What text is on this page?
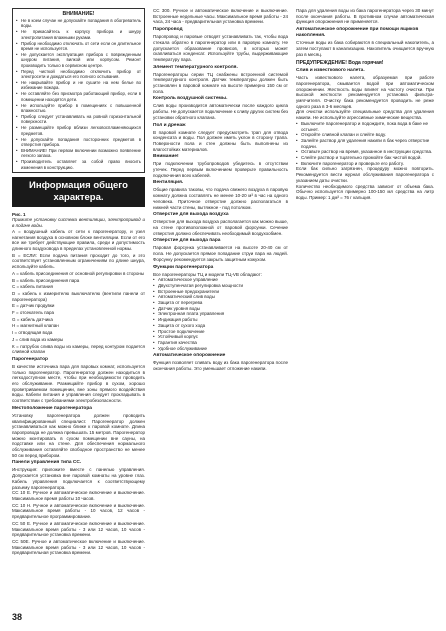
ВНИМАНИЕ!
• Не в коем случае не допускайте попадания в обогреватель воды.
• Не прикасайтесь к корпусу прибора и шнуру электропитания влажными руками.
• Прибор необходимо отключать от сети если он длительное время не используется.
• Не допускается эксплуатация прибора с поврежденным шнуром питания, вилкой или корпусом. Ремонт производить только в сервисном центре.
• Перед чисткой необходимо отключить прибор от электросети и дождаться его полного остывания.
• Не накрывайте прибор и не сушите на нем белье во избежание пожара.
• Не оставляйте без присмотра работающий прибор, если в помещении находятся дети.
• Не используйте прибор в помещениях с повышенной влажностью.
• Прибор следует устанавливать на ровной горизонтальной поверхности.
• Не размещайте прибор вблизи легковоспламеняющихся предметов.
• Не допускайте попадания посторонних предметов в отверстия прибора.
• ВНИМАНИЕ! При первом включении возможно появление легкого запаха.
• Производитель оставляет за собой право вносить изменения в конструкцию.
Информация общего характера.
Рис. 1
Примите установку система вентиляции, электропривод и в подаче воды.

А = воздушный кабель от сети к парогенератору, и узел нагнетания воздуха в основном блоке вентиляции. Если от его все же требует действующие правила, среди и допустимость длинного воздуховода в пределах установленной нормы.

В = ЕСЛИ: Если подача питания проходит до того, и это соответствует установленным ограничениям по длине шнура, используйте кабель.

А = кабель присоединения от основной регулировки в стороны

В = кабель присоединения пара

С = кабель питания

D = кабель к измерителю выключателю (вентили панели от парогенератора)

Е = датчик продувки

F = отсекатель пара

G = кабель датчика

Н = магнитный клапан

I = отводящая вода

J = слив вода из камеры

К = патрубок слива воды из камеры, перед контуром подается сливной клапан

Парогенератор
В качестве источника пара для паровых комнат, используется только парогенератор. Парогенератор должен находиться в легкодоступном месте, чтобы при необходимости проводить его обслуживание. Размещайте прибор в сухом, хорошо проветриваемом помещении, вне зоны прямого воздействия воды. Кабели питания и управления следует прокладывать в соответствии с требованиями электробезопасности.
Местоположение парогенератора
Установку парогенератора должен проводить квалифицированный специалист. Парогенератор должен устанавливаться как можно ближе к паровой комнате. Длина паропровода не должна превышать 15 метров. Парогенератор можно монтировать в сухом помещении вне сауны, на подставке или на стене. Для обеспечения нормального обслуживания оставляйте свободное пространство не менее 50 см перед прибором.
Панели управления типа СС.
Инструкция: приложите вместе с панелью управления. Допускается установка вне паровой комнаты на уровне глаз. Кабель управления подключается к соответствующему разъему парогенератора.

СС 10 Е. Ручное и автоматическое включение и выключение. Максимальное время работы 10 часов.

СС 10 Н. Ручное и автоматическое включение и выключение. Максимальное время работы - 10 часов, 12 часов - предварительное программирование.

СС 50 Е. Ручное и автоматическое включение и выключение. Максимальное время работы - 3 или 12 часов, 10 часов - предварительное установка времени.

СС 50Е. Ручное и автоматическое включение и выключение. Максимальное время работы - 3 или 12 часов, 10 часов - предварительная установка времени.

СС 300. Ручное и автоматическое включение и выключение. Встроенные недельные часы. Максимальное время работы - 24 часа, 24 часа - предварительная установка времени.
Паропровод
Паропровод и паровые отводят устанавливать так, чтобы вода стекала обратно в парогенератор или в паровую комнату. Не допускается образование провисов, в которых может скапливаться конденсат. Используйте трубы, выдерживающие температуру пара.
Элемент температурного контроля.
Парогенераторы серии ТЦ снабжены встроенной системой температурного контроля. Датчик температуры должен быть установлен в паровой комнате на высоте примерно 150 см от пола.
Контроль воздушной системы.
Слив воды производится автоматически после каждого цикла работы. Не допускается подключение к сливу других систем без установки обратного клапана.
Пол и дренаж
В паровой комнате следует предусмотреть трап для отвода конденсата и воды. Пол должен иметь уклон в сторону трапа. Поверхности пола и стен должны быть выполнены из влагостойких материалов.
Внимание!
При подключении трубопроводов убедитесь в отсутствии утечек. Перед первым включением проверьте правильность подключения всех кабелей.
Вентиляция.
Общие правила таковы, что подача свежего воздуха в паровую комнату должна составлять не менее 10-20 м³ в час на одного человека. Приточное отверстие должно располагаться в нижней части стены, вытяжное - под потолком.
Отверстие для выхода воздуха
Отверстие для выхода воздуха располагается как можно выше, на стене противоположной от паровой форсунки. Сечение отверстия должно обеспечивать необходимый воздухообмен.
Отверстие для выхода пара
Паровая форсунка устанавливается на высоте 20-40 см от пола. Не допускается прямое попадание струи пара на людей. Форсунку рекомендуется закрыть защитным кожухом.
Функции парогенератора
Все парогенераторы ТЦ и модели ТЦ-VB обладают:
• Автоматическое управление
• Двухступенчатая регулировка мощности
• Встроенные предохранители
• Автоматический слив воды
• Защита от перегрева
• Датчик уровня воды
• Электронная плата управления
• Индикация работы
• Защита от сухого хода
• Простое подключение
• Устойчивый корпус
• Гарантия качества
• Удобное обслуживание
Автоматическое опорожнение
Функция позволяет сливать воду из бака парогенератора после окончания работы. Это уменьшает отложение накипи.
Пара для удаления воды из бака парогенератора через 30 минут после окончания работы. В противном случае автоматическая функция опорожнения не применяется.
Автоматическое опорожнение при помощи ящиков накопления.
Сточные воды из бака собираются в специальный накопитель, а затем поступают в канализацию. Накопитель очищается вручную раз в месяц.
ПРЕДУПРЕЖДЕНИЕ! Вода горячая!
Слив и известкового налета.
Часть известкового налета, образуемая при работе парогенератора, смывается водой при автоматическом опорожнении. Жесткость воды влияет на частоту очистки. При высокой жесткости рекомендуется установка фильтра-умягчителя. Очистку бака рекомендуется проводить не реже одного раза в 3-6 месяцев.
Для очистки используйте специальные средства для удаления накипи. Не используйте агрессивные химические вещества.
• Выключите парогенератор и подождите, пока вода в баке не остынет.
• Откройте сливной клапан и слейте воду.
• Залейте раствор для удаления накипи в бак через отверстие подачи.
• Оставьте раствор на время, указанное в инструкции средства.
• Слейте раствор и тщательно промойте бак чистой водой.
• Включите парогенератор и проверьте его работу.
Если бак сильно загрязнен, процедуру можно повторить. Рекомендуется вести журнал обслуживания парогенератора с указанием даты очистки.
Количество необходимого средства зависит от объема бака. Обычно используется примерно 100-150 мл средства на литр воды. Пример: 1 дм³ = 76 г кальция.
38
